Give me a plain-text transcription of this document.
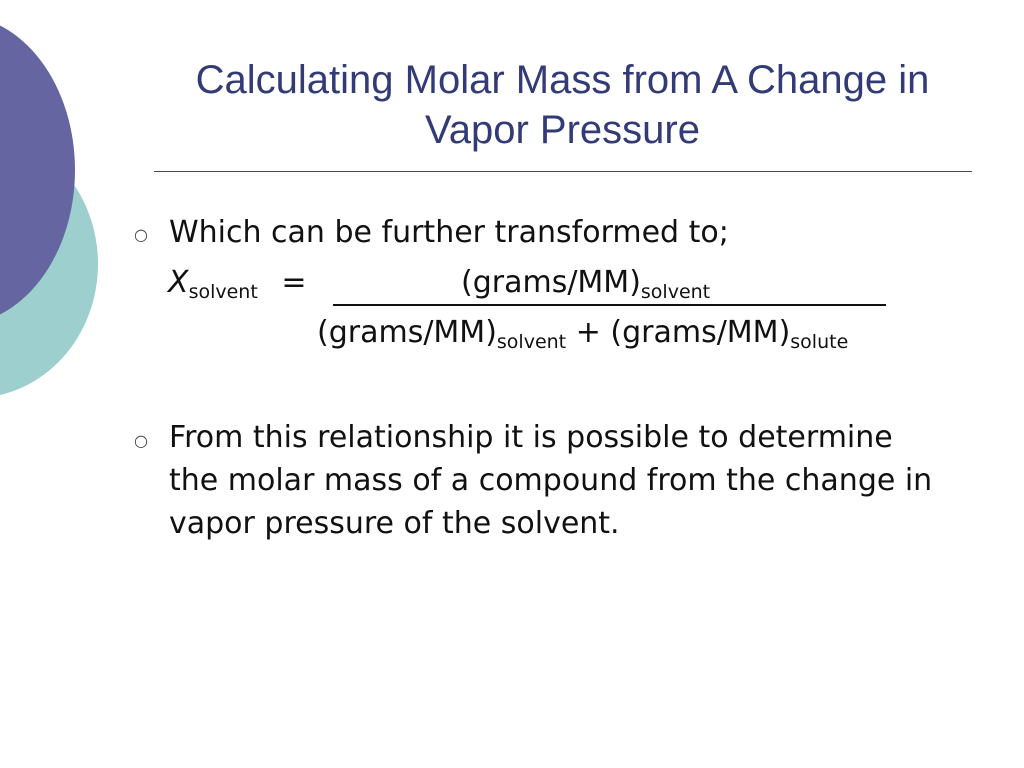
Calculating Molar Mass from A Change in Vapor Pressure
○ Which can be further transformed to;

$X_{solvent}$ =	$(grams/MM)_{solvent}$
$(grams/MM)_{solvent}$ + $(grams/MM)_{solute}$
○ From this relationship it is possible to determine the molar mass of a compound from the change in vapor pressure of the solvent.
